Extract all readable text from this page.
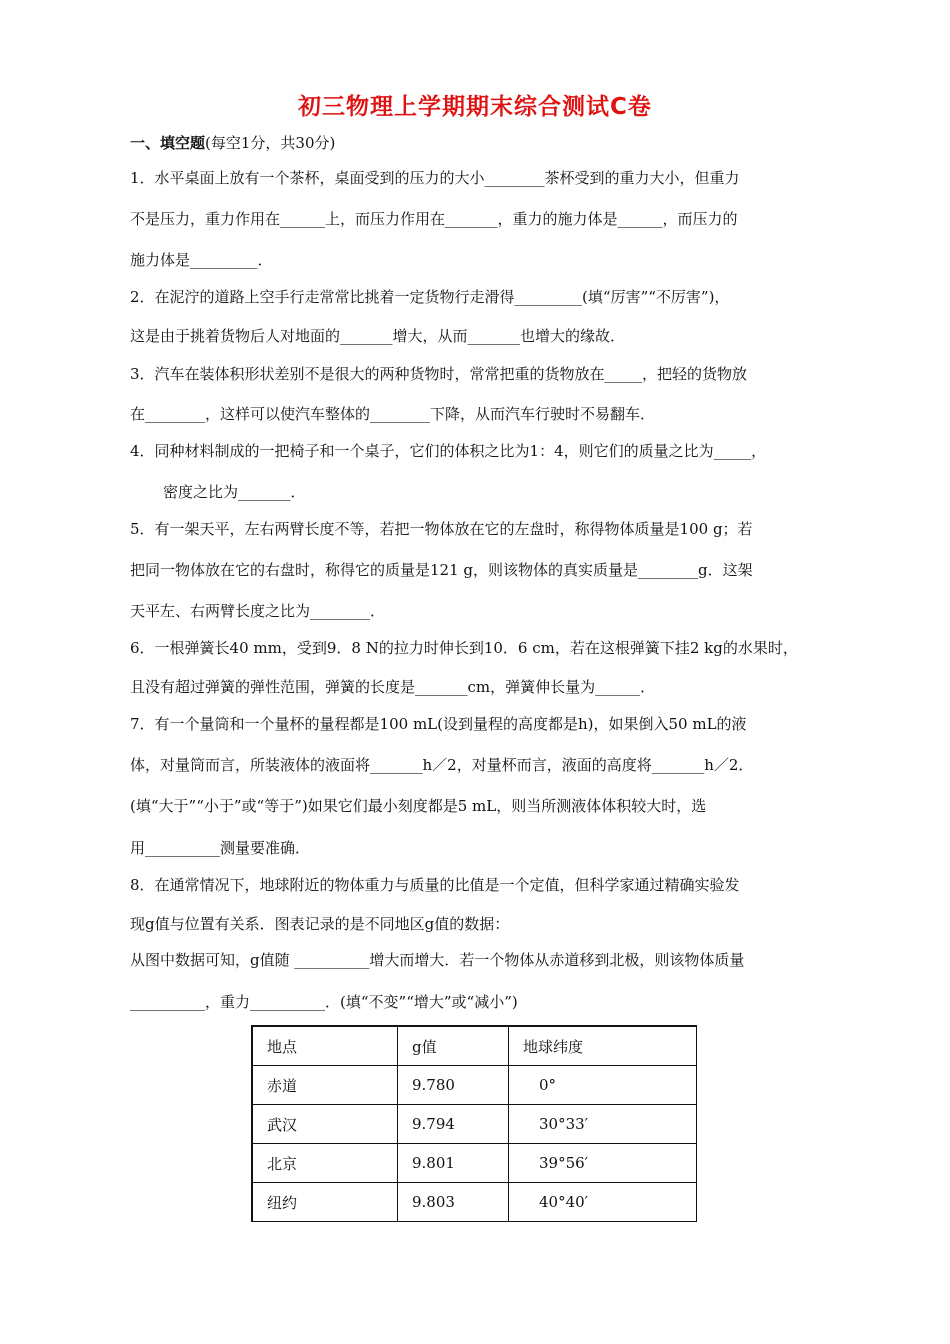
初三物理上学期期末综合测试C卷
一、填空题(每空1分，共30分)
1．水平桌面上放有一个茶杯，桌面受到的压力的大小________茶杯受到的重力大小，但重力
不是压力，重力作用在______上，而压力作用在_______，重力的施力体是______，而压力的
施力体是_________．
2．在泥泞的道路上空手行走常常比挑着一定货物行走滑得_________(填“厉害”“不厉害”)，
这是由于挑着货物后人对地面的_______增大，从而_______也增大的缘故．
3．汽车在装体积形状差别不是很大的两种货物时，常常把重的货物放在_____，把轻的货物放
在________，这样可以使汽车整体的________下降，从而汽车行驶时不易翻车．
4．同种材料制成的一把椅子和一个桌子，它们的体积之比为1：4，则它们的质量之比为_____，
密度之比为_______．
5．有一架天平，左右两臂长度不等，若把一物体放在它的左盘时，称得物体质量是100 g；若
把同一物体放在它的右盘时，称得它的质量是121 g，则该物体的真实质量是________g．这架
天平左、右两臂长度之比为________．
6．一根弹簧长40 mm，受到9．8 N的拉力时伸长到10．6 cm，若在这根弹簧下挂2 kg的水果时，
且没有超过弹簧的弹性范围，弹簧的长度是_______cm，弹簧伸长量为______．
7．有一个量筒和一个量杯的量程都是100 mL(设到量程的高度都是h)，如果倒入50 mL的液
体，对量筒而言，所装液体的液面将_______h／2，对量杯而言，液面的高度将_______h／2．
(填“大于”“小于”或“等于”)如果它们最小刻度都是5 mL，则当所测液体体积较大时，选
用__________测量要准确．
8．在通常情况下，地球附近的物体重力与质量的比值是一个定值，但科学家通过精确实验发
现g值与位置有关系．图表记录的是不同地区g值的数据：
从图中数据可知，g值随 __________增大而增大．若一个物体从赤道移到北极，则该物体质量
__________，重力__________．(填“不变”“增大”或“减小”)
地点	g值	地球纬度
赤道	9.780	0°
武汉	9.794	30°33′
北京	9.801	39°56′
纽约	9.803	40°40′
